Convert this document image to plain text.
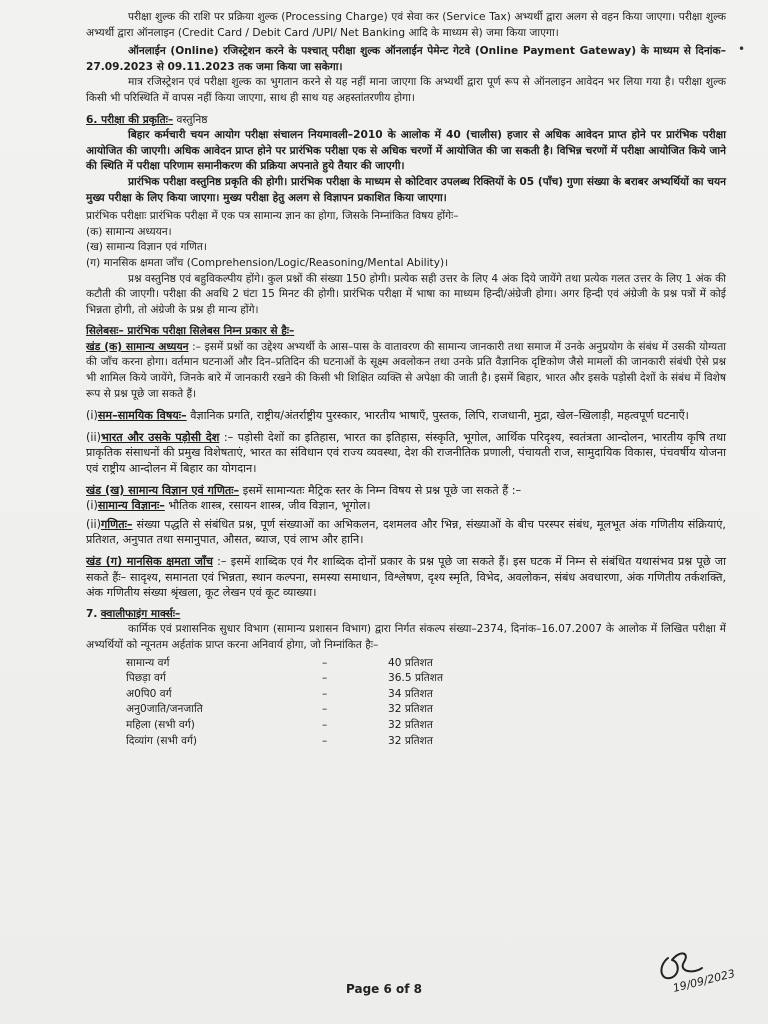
•

परीक्षा शुल्क की राशि पर प्रक्रिया शुल्क (Processing Charge) एवं सेवा कर (Service Tax) अभ्यर्थी द्वारा अलग से वहन किया जाएगा। परीक्षा शुल्क अभ्यर्थी द्वारा ऑनलाइन (Credit Card / Debit Card /UPI/ Net Banking आदि के माध्यम से) जमा किया जाएगा।

ऑनलाईन (Online) रजिस्ट्रेशन करने के पश्चात् परीक्षा शुल्क ऑनलाईन पेमेन्ट गेटवे (Online Payment Gateway) के माध्यम से दिनांक–27.09.2023 से 09.11.2023 तक जमा किया जा सकेगा।

मात्र रजिस्ट्रेशन एवं परीक्षा शुल्क का भुगतान करने से यह नहीं माना जाएगा कि अभ्यर्थी द्वारा पूर्ण रूप से ऑनलाइन आवेदन भर लिया गया है। परीक्षा शुल्क किसी भी परिस्थिति में वापस नहीं किया जाएगा, साथ ही साथ यह अहस्तांतरणीय होगा।

6. परीक्षा की प्रकृतिः– वस्तुनिष्ठ

बिहार कर्मचारी चयन आयोग परीक्षा संचालन नियमावली–2010 के आलोक में 40 (चालीस) हजार से अधिक आवेदन प्राप्त होने पर प्रारंभिक परीक्षा आयोजित की जाएगी। अधिक आवेदन प्राप्त होने पर प्रारंभिक परीक्षा एक से अधिक चरणों में आयोजित की जा सकती है। विभिन्न चरणों में परीक्षा आयोजित किये जाने की स्थिति में परीक्षा परिणाम समानीकरण की प्रक्रिया अपनाते हुये तैयार की जाएगी।

प्रारंभिक परीक्षा वस्तुनिष्ठ प्रकृति की होगी। प्रारंभिक परीक्षा के माध्यम से कोटिवार उपलब्ध रिक्तियों के 05 (पाँच) गुणा संख्या के बराबर अभ्यर्थियों का चयन मुख्य परीक्षा के लिए किया जाएगा। मुख्य परीक्षा हेतु अलग से विज्ञापन प्रकाशित किया जाएगा।

प्रारंभिक परीक्षाः प्रारंभिक परीक्षा में एक पत्र सामान्य ज्ञान का होगा, जिसके निम्नांकित विषय होंगेः–

(क) सामान्य अध्ययन।

(ख) सामान्य विज्ञान एवं गणित।

(ग) मानसिक क्षमता जाँच (Comprehension/Logic/Reasoning/Mental Ability)।

प्रश्न वस्तुनिष्ठ एवं बहुविकल्पीय होंगे। कुल प्रश्नों की संख्या 150 होगी। प्रत्येक सही उत्तर के लिए 4 अंक दिये जायेंगे तथा प्रत्येक गलत उत्तर के लिए 1 अंक की कटौती की जाएगी। परीक्षा की अवधि 2 घंटा 15 मिनट की होगी। प्रारंभिक परीक्षा में भाषा का माध्यम हिन्दी/अंग्रेजी होगा। अगर हिन्दी एवं अंग्रेजी के प्रश्न पत्रों में कोई भिन्नता होगी, तो अंग्रेजी के प्रश्न ही मान्य होंगे।

सिलेबसः– प्रारंभिक परीक्षा सिलेबस निम्न प्रकार से हैः–

खंड (क) सामान्य अध्ययन :– इसमें प्रश्नों का उद्देश्य अभ्यर्थी के आस–पास के वातावरण की सामान्य जानकारी तथा समाज में उनके अनुप्रयोग के संबंध में उसकी योग्यता की जाँच करना होगा। वर्तमान घटनाओं और दिन–प्रतिदिन की घटनाओं के सूक्ष्म अवलोकन तथा उनके प्रति वैज्ञानिक दृष्टिकोण जैसे मामलों की जानकारी संबंधी ऐसे प्रश्न भी शामिल किये जायेंगे, जिनके बारे में जानकारी रखने की किसी भी शिक्षित व्यक्ति से अपेक्षा की जाती है। इसमें बिहार, भारत और इसके पड़ोसी देशों के संबंध में विशेष रूप से प्रश्न पूछे जा सकते हैं।

(i)सम–सामयिक विषयः– वैज्ञानिक प्रगति, राष्ट्रीय/अंतर्राष्ट्रीय पुरस्कार, भारतीय भाषाएँ, पुस्तक, लिपि, राजधानी, मुद्रा, खेल–खिलाड़ी, महत्वपूर्ण घटनाएँ।

(ii)भारत और उसके पड़ोसी देश :– पड़ोसी देशों का इतिहास, भारत का इतिहास, संस्कृति, भूगोल, आर्थिक परिदृश्य, स्वतंत्रता आन्दोलन, भारतीय कृषि तथा प्राकृतिक संसाधनों की प्रमुख विशेषताएं, भारत का संविधान एवं राज्य व्यवस्था, देश की राजनीतिक प्रणाली, पंचायती राज, सामुदायिक विकास, पंचवर्षीय योजना एवं राष्ट्रीय आन्दोलन में बिहार का योगदान।

खंड (ख) सामान्य विज्ञान एवं गणितः– इसमें सामान्यतः मैट्रिक स्तर के निम्न विषय से प्रश्न पूछे जा सकते हैं :–

(i)सामान्य विज्ञानः– भौतिक शास्त्र, रसायन शास्त्र, जीव विज्ञान, भूगोल।

(ii)गणितः– संख्या पद्धति से संबंधित प्रश्न, पूर्ण संख्याओं का अभिकलन, दशमलव और भिन्न, संख्याओं के बीच परस्पर संबंध, मूलभूत अंक गणितीय संक्रियाएं, प्रतिशत, अनुपात तथा समानुपात, औसत, ब्याज, एवं लाभ और हानि।

खंड (ग) मानसिक क्षमता जाँच :– इसमें शाब्दिक एवं गैर शाब्दिक दोनों प्रकार के प्रश्न पूछे जा सकते हैं। इस घटक में निम्न से संबंधित यथासंभव प्रश्न पूछे जा सकते हैंः– सादृश्य, समानता एवं भिन्नता, स्थान कल्पना, समस्या समाधान, विश्लेषण, दृश्य स्मृति, विभेद, अवलोकन, संबंध अवधारणा, अंक गणितीय तर्कशक्ति, अंक गणितीय संख्या श्रृंखला, कूट लेखन एवं कूट व्याख्या।

7. क्वालीफाइंग मार्क्सः–

कार्मिक एवं प्रशासनिक सुधार विभाग (सामान्य प्रशासन विभाग) द्वारा निर्गत संकल्प संख्या–2374, दिनांक–16.07.2007 के आलोक में लिखित परीक्षा में अभ्यर्थियों को न्यूनतम अर्हतांक प्राप्त करना अनिवार्य होगा, जो निम्नांकित हैः–

सामान्य वर्ग	–	40 प्रतिशत
पिछड़ा वर्ग	–	36.5 प्रतिशत
अ0पि0 वर्ग	–	34 प्रतिशत
अनु0जाति/जनजाति	–	32 प्रतिशत
महिला (सभी वर्ग)	–	32 प्रतिशत
दिव्यांग (सभी वर्ग)	–	32 प्रतिशत
19/09/2023
Page 6 of 8
